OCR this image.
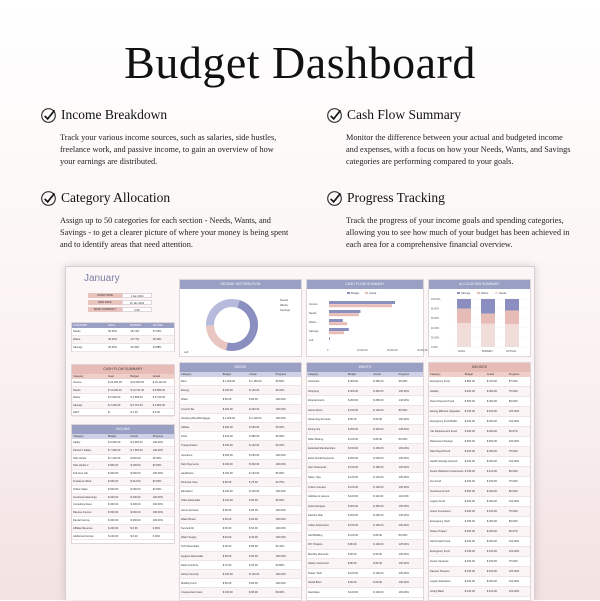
Budget Dashboard
Income Breakdown
Track your various income sources, such as salaries, side hustles, freelance work, and passive income, to gain an overview of how your earnings are distributed.
Cash Flow Summary
Monitor the difference between your actual and budgeted income and expenses, with a focus on how your Needs, Wants, and Savings categories are performing compared to your goals.
Category Allocation
Assign up to 50 categories for each section - Needs, Wants, and Savings - to get a clearer picture of where your money is being spent and to identify areas that need attention.
Progress Tracking
Track the progress of your income goals and spending categories, allowing you to see how much of your budget has been achieved in each area for a comprehensive financial overview.
January
START DATE	1 Jan 2024
END DATE	31 Jan 2024
BASE CURRENCY	USD
CATEGORY	GOAL	BUDGET	ACTUAL
Needs	50.00%	48.74%	47.63%
Wants	30.00%	20.77%	28.49%
Savings	20.00%	30.49%	23.88%
CASH FLOW SUMMARY
Category	Goal	Budget	Actual
Income	$ 22,000.00	$ 22,000.00	$ 20,112.00
Needs	$ 11,000.00	$ 10,721.00	$ 9,580.00
Wants	$ 6,600.00	$ 4,568.00	$ 5,730.00
Savings	$ 4,400.00	$ 6,710.00	$ 4,802.00
LEFT	$ -	$ 1.00	$ 0.00
INCOME
Category	Budget	Actual	Progress
Salary	$ 9,000.00	$ 9,000.00	100.00%
Partner's Salary	$ 7,000.00	$ 7,000.00	100.00%
Side Hustle	$ 1,200.00	$ 540.00	45.00%
Side Hustle 2	$ 800.00	$ 400.00	50.00%
Full-time Job	$ 900.00	$ 900.00	100.00%
Freelance Work	$ 600.00	$ 312.00	52.00%
Online Sales	$ 500.00	$ 260.00	52.00%
Investment Earnings	$ 400.00	$ 400.00	100.00%
Consulting Fees	$ 400.00	$ 400.00	100.00%
Passive Income	$ 600.00	$ 600.00	100.00%
Rental Income	$ 300.00	$ 300.00	100.00%
Affiliate Revenue	$ 200.00	$ 0.00	0.00%
Additional Income	$ 100.00	$ 0.00	0.00%
INCOME DISTRIBUTION
Needs
Wants
Savings
Left
CASH FLOW SUMMARY
Budget	Actual
Income
Needs
Wants
Savings
Left
0	10,000.00	20,000.00	30,000.00
ALLOCATION SUMMARY
Savings	Wants	Needs
100.00%
80.00%
60.00%
40.00%
20.00%
0.00%
GOAL	BUDGET	ACTUAL
NEEDS
Category	Budget	Actual	Progress
Rent	$ 1,200.00	$ 1,150.00	95.83%
Energy	$ 150.00	$ 140.00	93.33%
Water	$ 80.00	$ 80.00	100.00%
Council Tax	$ 200.00	$ 200.00	100.00%
Housing (Rent/Mortgage)	$ 1,200.00	$ 1,200.00	100.00%
Utilities	$ 200.00	$ 180.00	90.00%
Food	$ 400.00	$ 380.00	95.00%
Transportation	$ 150.00	$ 140.00	93.33%
Insurance	$ 250.00	$ 250.00	100.00%
Debt Payments	$ 300.00	$ 300.00	100.00%
Healthcare	$ 150.00	$ 120.00	80.00%
Personal Care	$ 80.00	$ 75.00	93.75%
Education	$ 100.00	$ 100.00	100.00%
Other Essentials	$ 100.00	$ 90.00	90.00%
Home Services	$ 80.00	$ 80.00	100.00%
Water Bower	$ 60.00	$ 60.00	100.00%
Survival Kit	$ 50.00	$ 50.00	100.00%
Water Supply	$ 40.00	$ 40.00	100.00%
Tech Essentials	$ 90.00	$ 85.00	94.44%
Hygiene Essentials	$ 60.00	$ 60.00	100.00%
Daily Comforts	$ 70.00	$ 65.00	92.86%
Family Security	$ 100.00	$ 100.00	100.00%
Mobility Fund	$ 80.00	$ 80.00	100.00%
Unexpected Costs	$ 100.00	$ 80.00	80.00%
WANTS
Category	Budget	Actual	Progress
Groceries	$ 400.00	$ 380.00	95.00%
Shopping	$ 300.00	$ 450.00	150.00%
Entertainment	$ 200.00	$ 280.00	140.00%
Home Decor	$ 150.00	$ 120.00	80.00%
Streaming Services	$ 50.00	$ 50.00	100.00%
Dining Out	$ 250.00	$ 320.00	128.00%
Ride-Sharing	$ 100.00	$ 80.00	80.00%
Extended Memberships	$ 150.00	$ 150.00	100.00%
Extra Credit Payments	$ 200.00	$ 200.00	100.00%
Spa Treatments	$ 150.00	$ 180.00	120.00%
Salon, Spa	$ 120.00	$ 120.00	100.00%
Online Courses	$ 100.00	$ 100.00	100.00%
Hobbies & Leisure	$ 100.00	$ 110.00	110.00%
Quick Escapes	$ 300.00	$ 450.00	150.00%
Fashion Flair	$ 200.00	$ 260.00	130.00%
Urban Adventures	$ 150.00	$ 150.00	100.00%
Self Building	$ 100.00	$ 80.00	80.00%
DIY Projects	$ 80.00	$ 100.00	125.00%
Monthly Moments	$ 90.00	$ 90.00	100.00%
Hobby Investment	$ 80.00	$ 80.00	100.00%
Dream Tech	$ 100.00	$ 100.00	100.00%
Social Buzz	$ 60.00	$ 60.00	100.00%
Festivities	$ 100.00	$ 100.00	100.00%
SAVINGS
Category	Budget	Actual	Progress
Emergency Fund	$ 800.00	$ 700.00	87.50%
Holiday	$ 400.00	$ 300.00	75.00%
Down Payment Fund	$ 500.00	$ 400.00	80.00%
Energy Efficient Upgrades	$ 150.00	$ 150.00	100.00%
Emergency Fund Buffer	$ 200.00	$ 200.00	100.00%
Car Replacement Fund	$ 300.00	$ 200.00	66.67%
Retirement Savings	$ 600.00	$ 600.00	100.00%
Debt Payoff Fund	$ 400.00	$ 300.00	75.00%
Health Savings Account	$ 200.00	$ 200.00	100.00%
Future Wellness Investments $ 150.00	$ 120.00	80.00%
Fun Fund	$ 200.00	$ 150.00	75.00%
Investment Fund	$ 500.00	$ 400.00	80.00%
Legacy Fund	$ 300.00	$ 300.00	100.00%
Green Investment	$ 200.00	$ 150.00	75.00%
Emergency Vault	$ 250.00	$ 200.00	80.00%
Dream Project	$ 300.00	$ 200.00	66.67%
Self Growth Fund	$ 200.00	$ 200.00	100.00%
Emergency Fund	$ 150.00	$ 150.00	100.00%
Future Ventures	$ 200.00	$ 150.00	75.00%
Passive Streams	$ 150.00	$ 150.00	100.00%
Legacy Education	$ 200.00	$ 200.00	100.00%
Giving Back	$ 100.00	$ 100.00	100.00%
